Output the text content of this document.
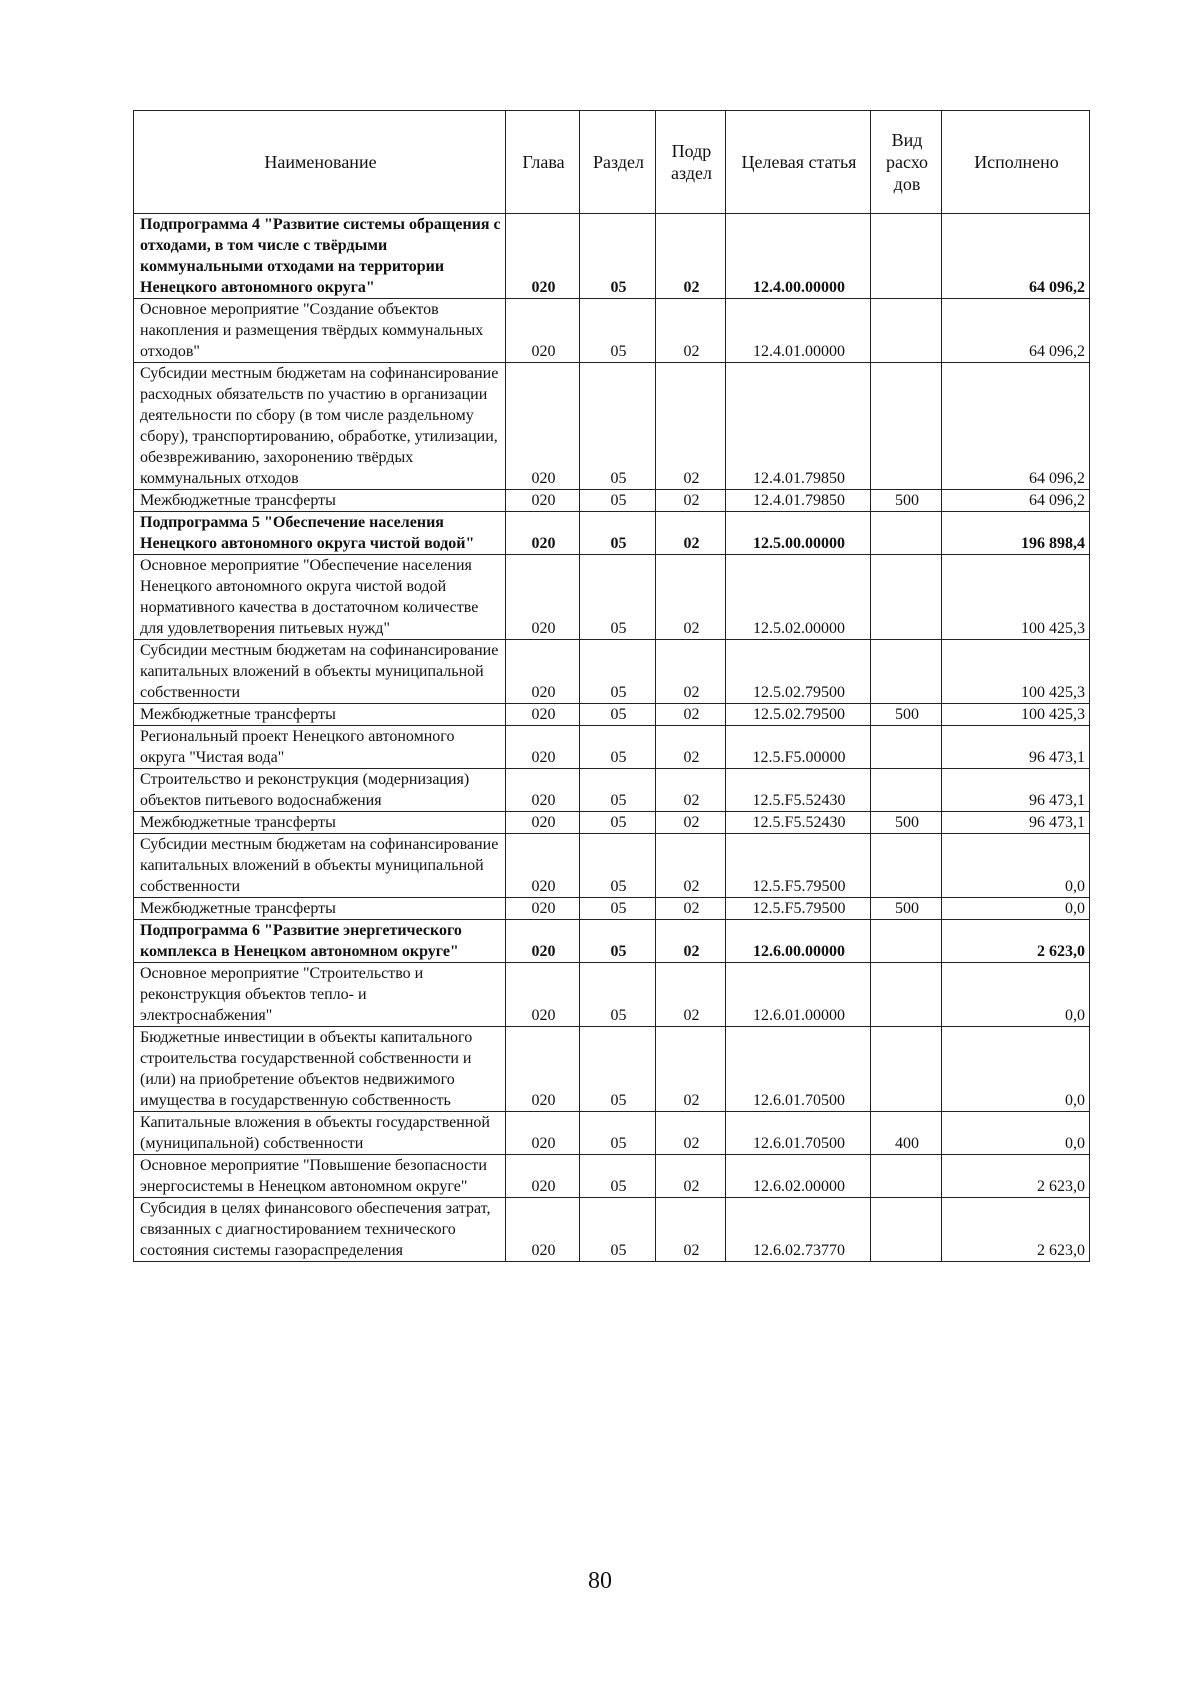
Наименование	Глава	Раздел	Подр аздел	Целевая статья	Вид расхо дов	Исполнено
Подпрограмма 4 "Развитие системы обращения с отходами, в том числе с твёрдыми коммунальными отходами на территории Ненецкого автономного округа"	020	05	02	12.4.00.00000		64 096,2
Основное мероприятие "Создание объектов накопления и размещения твёрдых коммунальных отходов"	020	05	02	12.4.01.00000		64 096,2
Субсидии местным бюджетам на софинансирование расходных обязательств по участию в организации деятельности по сбору (в том числе раздельному сбору), транспортированию, обработке, утилизации, обезвреживанию, захоронению твёрдых коммунальных отходов	020	05	02	12.4.01.79850		64 096,2
Межбюджетные трансферты	020	05	02	12.4.01.79850	500	64 096,2
Подпрограмма 5 "Обеспечение населения Ненецкого автономного округа чистой водой"	020	05	02	12.5.00.00000		196 898,4
Основное мероприятие "Обеспечение населения Ненецкого автономного округа чистой водой нормативного качества в достаточном количестве для удовлетворения питьевых нужд"	020	05	02	12.5.02.00000		100 425,3
Субсидии местным бюджетам на софинансирование капитальных вложений в объекты муниципальной собственности	020	05	02	12.5.02.79500		100 425,3
Межбюджетные трансферты	020	05	02	12.5.02.79500	500	100 425,3
Региональный проект Ненецкого автономного округа "Чистая вода"	020	05	02	12.5.F5.00000		96 473,1
Строительство и реконструкция (модернизация) объектов питьевого водоснабжения	020	05	02	12.5.F5.52430		96 473,1
Межбюджетные трансферты	020	05	02	12.5.F5.52430	500	96 473,1
Субсидии местным бюджетам на софинансирование капитальных вложений в объекты муниципальной собственности	020	05	02	12.5.F5.79500		0,0
Межбюджетные трансферты	020	05	02	12.5.F5.79500	500	0,0
Подпрограмма 6 "Развитие энергетического комплекса в Ненецком автономном округе"	020	05	02	12.6.00.00000		2 623,0
Основное мероприятие "Строительство и реконструкция объектов тепло- и электроснабжения"	020	05	02	12.6.01.00000		0,0
Бюджетные инвестиции в объекты капитального строительства государственной собственности и (или) на приобретение объектов недвижимого имущества в государственную собственность	020	05	02	12.6.01.70500		0,0
Капитальные вложения в объекты государственной (муниципальной) собственности	020	05	02	12.6.01.70500	400	0,0
Основное мероприятие "Повышение безопасности энергосистемы в Ненецком автономном округе"	020	05	02	12.6.02.00000		2 623,0
Субсидия в целях финансового обеспечения затрат, связанных с диагностированием технического состояния системы газораспределения	020	05	02	12.6.02.73770		2 623,0
80
